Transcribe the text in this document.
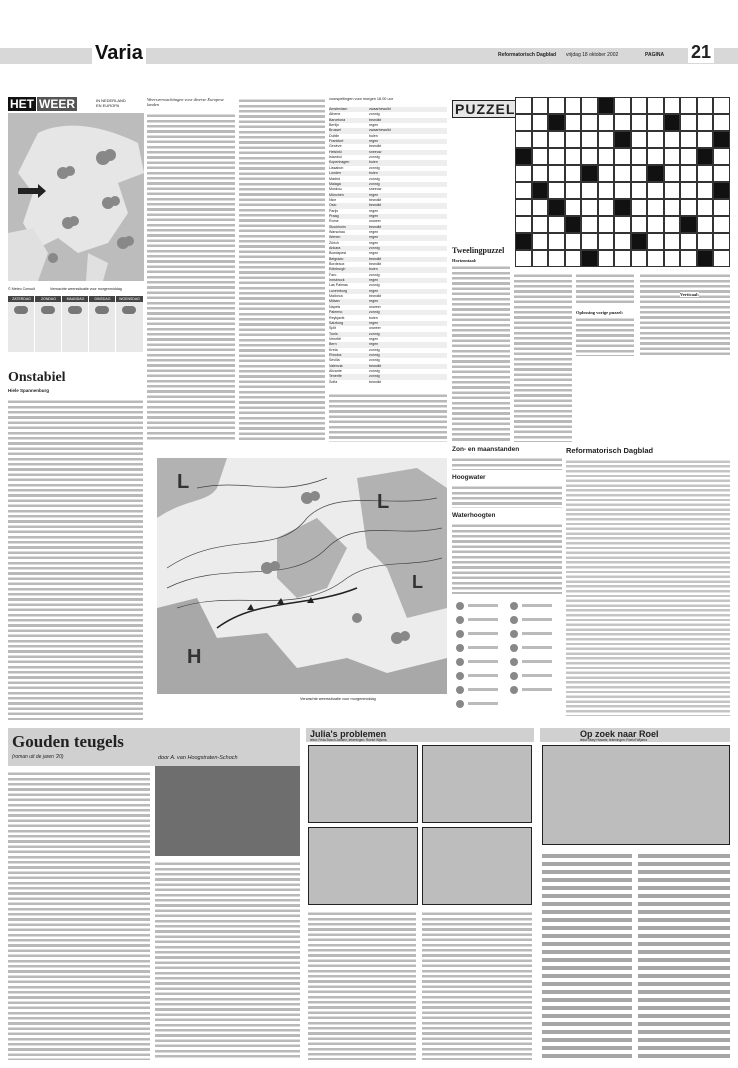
Varia	Reformatorisch Dagblad vrijdag 18 oktober 2002	PAGINA 21
HET WEER	IN NEDERLAND
EN EUROPA
© Meteo Consult	Verwachte weerssituatie voor morgenmiddag
ZATERDAG	ZONDAG	MAANDAG	DINSDAG	WOENSDAG
Onstabiel
Hiele Spannenburg
Weersverwachtingen voor diverse Europese landen
voorspellingen voor morgen 18.00 uur
Amsterdam	zwaarbewolkt
Athene	zonnig
Barcelona	bewolkt
Berlijn	regen
Brussel	zwaarbewolkt
Dublin	buien
Frankfurt	regen
Genève	bewolkt
Helsinki	sneeuw
Istanbul	zonnig
Kopenhagen	buien
Lissabon	zonnig
Londen	buien
Madrid	zonnig
Malaga	zonnig
Moskou	sneeuw
München	regen
Nice	bewolkt
Oslo	bewolkt
Parijs	regen
Praag	regen
Rome	onweer
Stockholm	bewolkt
Warschau	regen
Wenen	regen
Zürich	regen
Ankara	zonnig
Boedapest	regen
Belgrado	bewolkt
Bordeaux	bewolkt
Edinburgh	buien
Faro	zonnig
Innsbruck	regen
Las Palmas	zonnig
Luxemburg	regen
Mallorca	bewolkt
Milaan	regen
Napels	onweer
Palermo	zonnig
Reykjavik	buien
Salzburg	regen
Split	onweer
Tunis	zonnig
Venetië	regen
Bern	regen
Kreta	zonnig
Rhodos	zonnig
Sevilla	zonnig
Valencia	bewolkt
Alicante	zonnig
Tenerife	zonnig
Sofia	bewolkt
PUZZEL
Tweelingpuzzel
Horizontaal:
Oplossing vorige puzzel:
Verticaal:
Zon- en maanstanden
Hoogwater
Waterhoogten
Reformatorisch Dagblad
L
L
H
L
Verwachte weerssituatie voor morgenmiddag
Gouden teugels
(roman uit de jaren '20)	door A. van Hoogstraten-Schoch
Julia's problemen
tekst: Frida Bosch-Jansen, tekeningen: Roelof Wijsma
Op zoek naar Roel
tekst: Mary Hosaris; tekeningen: Roelof Wijsma
